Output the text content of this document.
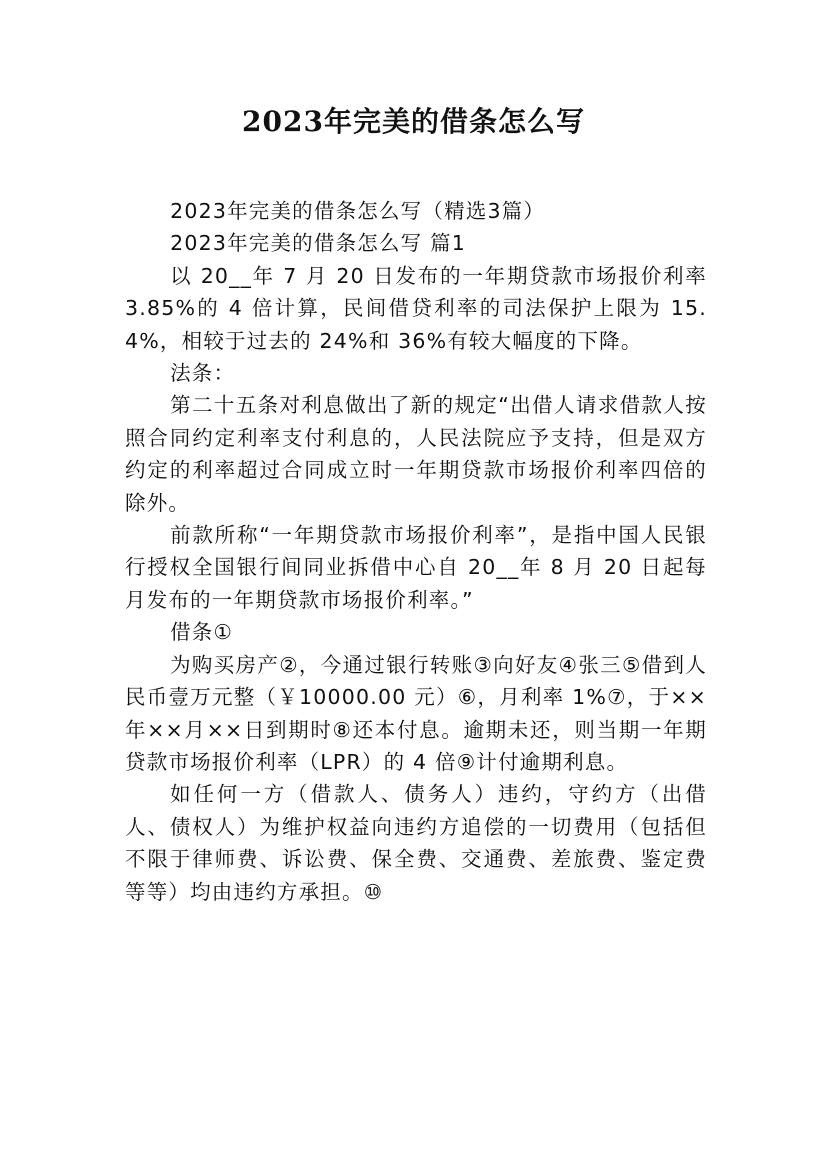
2023年完美的借条怎么写

2023年完美的借条怎么写（精选3篇）

2023年完美的借条怎么写 篇1

以 20__年 7 月 20 日发布的一年期贷款市场报价利率 3.85%的 4 倍计算，民间借贷利率的司法保护上限为 15.4%，相较于过去的 24%和 36%有较大幅度的下降。

法条：

第二十五条对利息做出了新的规定“出借人请求借款人按照合同约定利率支付利息的，人民法院应予支持，但是双方约定的利率超过合同成立时一年期贷款市场报价利率四倍的除外。

前款所称“一年期贷款市场报价利率”，是指中国人民银行授权全国银行间同业拆借中心自 20__年 8 月 20 日起每月发布的一年期贷款市场报价利率。”

借条①

为购买房产②，今通过银行转账③向好友④张三⑤借到人民币壹万元整（￥10000.00 元）⑥，月利率 1%⑦，于××年××月××日到期时⑧还本付息。逾期未还，则当期一年期贷款市场报价利率（LPR）的 4 倍⑨计付逾期利息。

如任何一方（借款人、债务人）违约，守约方（出借人、债权人）为维护权益向违约方追偿的一切费用（包括但不限于律师费、诉讼费、保全费、交通费、差旅费、鉴定费等等）均由违约方承担。⑩
